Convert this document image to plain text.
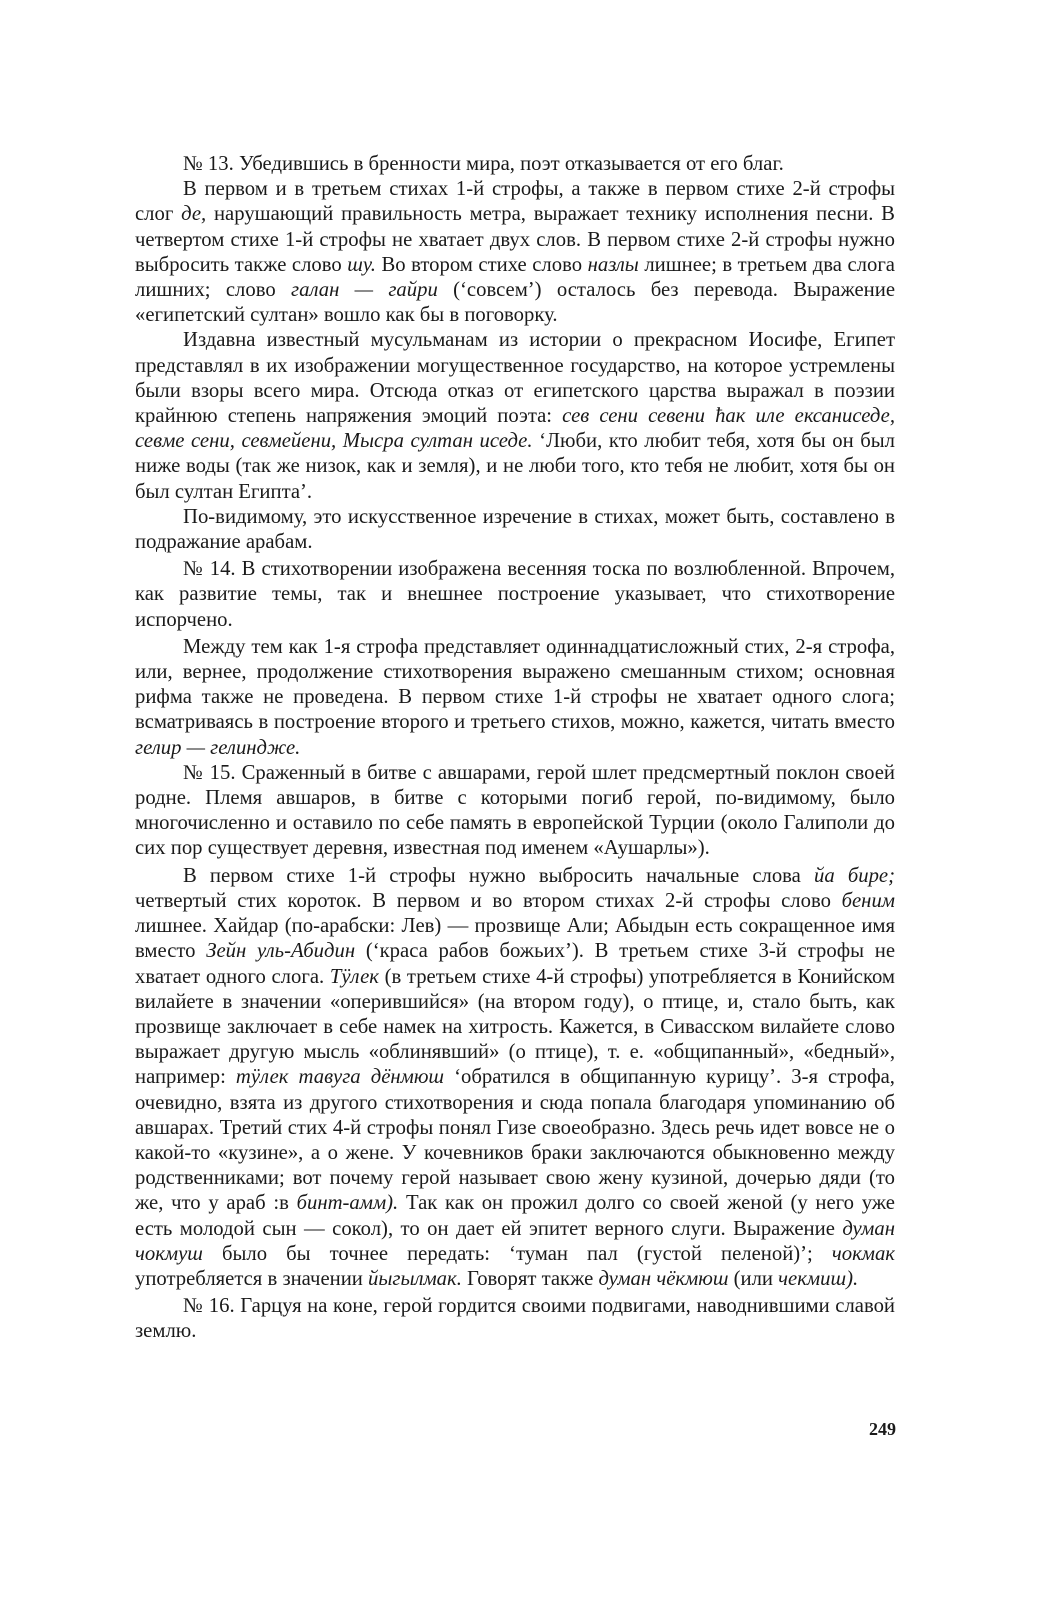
№ 13. Убедившись в бренности мира, поэт отказывается от его благ.

В первом и в третьем стихах 1-й строфы, а также в первом стихе 2-й строфы слог де, нарушающий правильность метра, выражает технику исполнения песни. В четвертом стихе 1-й строфы не хватает двух слов. В первом стихе 2-й строфы нужно выбросить также слово шу. Во втором стихе слово назлы лишнее; в третьем два слога лишних; слово галан — гайри (‘совсем’) осталось без перевода. Выражение «египетский султан» вошло как бы в поговорку.

Издавна известный мусульманам из истории о прекрасном Иосифе, Египет представлял в их изображении могущественное государство, на которое устремлены были взоры всего мира. Отсюда отказ от египетского царства выражал в поэзии крайнюю степень напряжения эмоций поэта: сев сени севени ћак иле ексаниседе, севме сени, севмейени, Мысра султан иседе. ‘Люби, кто любит тебя, хотя бы он был ниже воды (так же низок, как и земля), и не люби того, кто тебя не любит, хотя бы он был султан Египта’.

По-видимому, это искусственное изречение в стихах, может быть, составлено в подражание арабам.

№ 14. В стихотворении изображена весенняя тоска по возлюбленной. Впрочем, как развитие темы, так и внешнее построение указывает, что стихотворение испорчено.

Между тем как 1-я строфа представляет одиннадцатисложный стих, 2-я строфа, или, вернее, продолжение стихотворения выражено смешанным стихом; основная рифма также не проведена. В первом стихе 1-й строфы не хватает одного слога; всматриваясь в построение второго и третьего стихов, можно, кажется, читать вместо гелир — гелиндже.

№ 15. Сраженный в битве с авшарами, герой шлет предсмертный поклон своей родне. Племя авшаров, в битве с которыми погиб герой, по-видимому, было многочисленно и оставило по себе память в европейской Турции (около Галиполи до сих пор существует деревня, известная под именем «Аушарлы»).

В первом стихе 1-й строфы нужно выбросить начальные слова йа бире; четвертый стих короток. В первом и во втором стихах 2-й строфы слово беним лишнее. Хайдар (по-арабски: Лев) — прозвище Али; Абыдын есть сокращенное имя вместо Зейн уль-Абидин (‘краса рабов божьих’). В третьем стихе 3-й строфы не хватает одного слога. Тӱлек (в третьем стихе 4-й строфы) употребляется в Конийском вилайете в значении «оперившийся» (на втором году), о птице, и, стало быть, как прозвище заключает в себе намек на хитрость. Кажется, в Сивасском вилайете слово выражает другую мысль «облинявший» (о птице), т. е. «общипанный», «бедный», например: тӱлек тавуга дёнмюш ‘обратился в общипанную курицу’. 3-я строфа, очевидно, взята из другого стихотворения и сюда попала благодаря упоминанию об авшарах. Третий стих 4-й строфы понял Гизе своеобразно. Здесь речь идет вовсе не о какой-то «кузине», а о жене. У кочевников браки заключаются обыкновенно между родственниками; вот почему герой называет свою жену кузиной, дочерью дяди (то же, что у араб :в бинт-амм). Так как он прожил долго со своей женой (у него уже есть молодой сын — сокол), то он дает ей эпитет верного слуги. Выражение думан чокмуш было бы точнее передать: ‘туман пал (густой пеленой)’; чокмак употребляется в значении йыгылмак. Говорят также думан чёкмюш (или чекмиш).

№ 16. Гарцуя на коне, герой гордится своими подвигами, наводнившими славой землю.

249
